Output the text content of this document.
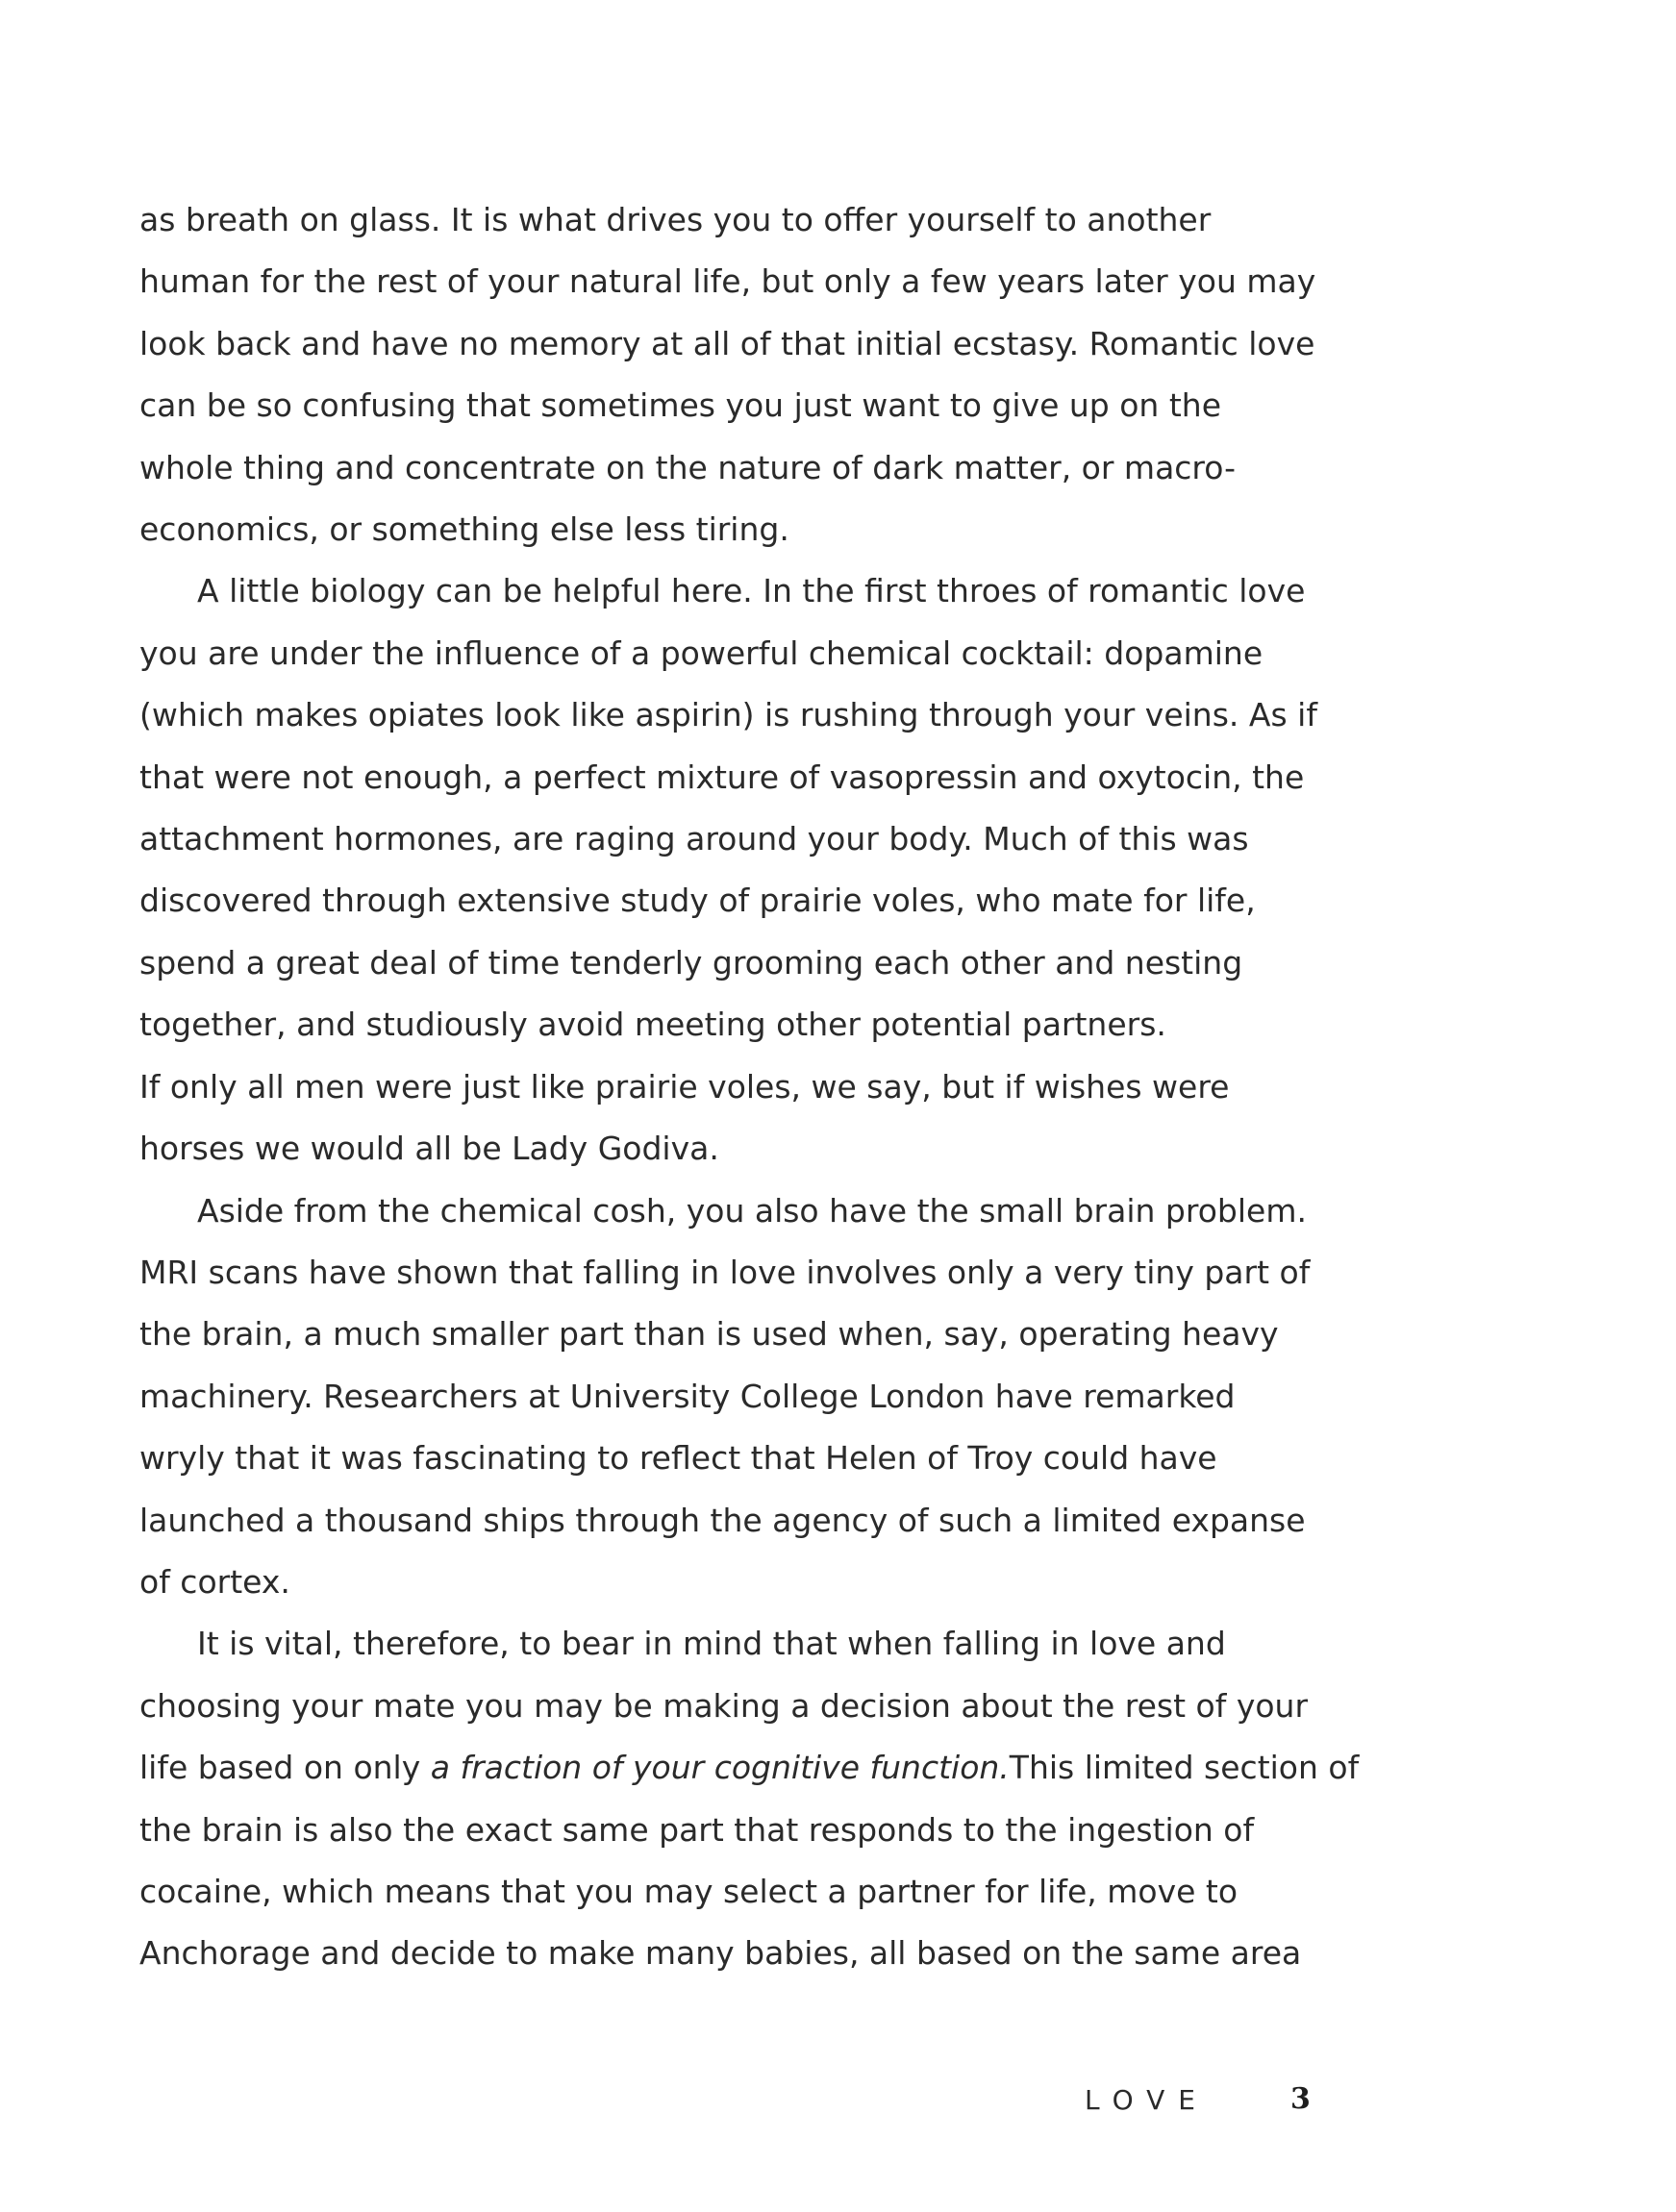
as breath on glass. It is what drives you to offer yourself to another
human for the rest of your natural life, but only a few years later you may
look back and have no memory at all of that initial ecstasy. Romantic love
can be so confusing that sometimes you just want to give up on the
whole thing and concentrate on the nature of dark matter, or macro-
economics, or something else less tiring.

A little biology can be helpful here. In the first throes of romantic love
you are under the influence of a powerful chemical cocktail: dopamine
(which makes opiates look like aspirin) is rushing through your veins. As if
that were not enough, a perfect mixture of vasopressin and oxytocin, the
attachment hormones, are raging around your body. Much of this was
discovered through extensive study of prairie voles, who mate for life,
spend a great deal of time tenderly grooming each other and nesting
together, and studiously avoid meeting other potential partners.

If only all men were just like prairie voles, we say, but if wishes were
horses we would all be Lady Godiva.

Aside from the chemical cosh, you also have the small brain problem.
MRI scans have shown that falling in love involves only a very tiny part of
the brain, a much smaller part than is used when, say, operating heavy
machinery. Researchers at University College London have remarked
wryly that it was fascinating to reflect that Helen of Troy could have
launched a thousand ships through the agency of such a limited expanse
of cortex.

It is vital, therefore, to bear in mind that when falling in love and
choosing your mate you may be making a decision about the rest of your
life based on only a fraction of your cognitive function.This limited section of
the brain is also the exact same part that responds to the ingestion of
cocaine, which means that you may select a partner for life, move to
Anchorage and decide to make many babies, all based on the same area

LOVE	3
